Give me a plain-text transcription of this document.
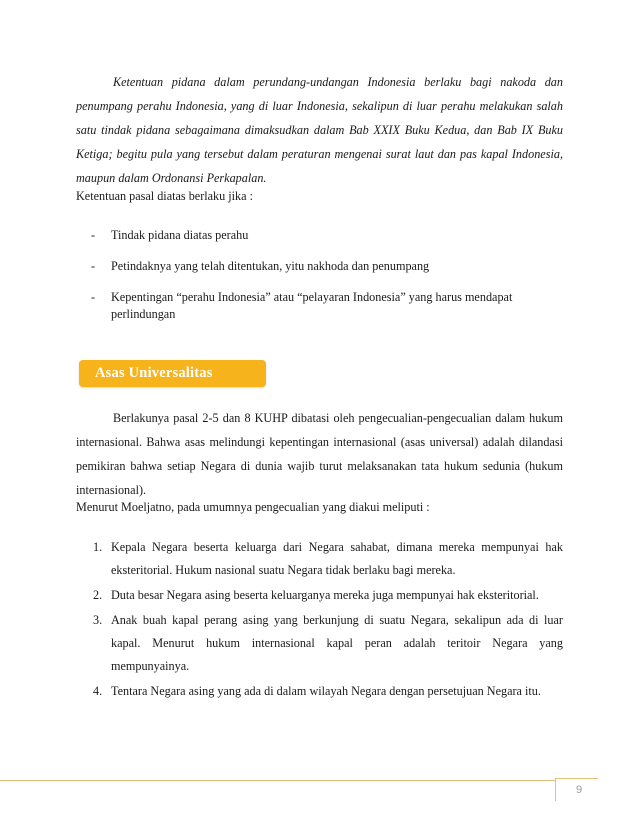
Ketentuan pidana dalam perundang-undangan Indonesia berlaku bagi nakoda dan penumpang perahu Indonesia, yang di luar Indonesia, sekalipun di luar perahu melakukan salah satu tindak pidana sebagaimana dimaksudkan dalam Bab XXIX Buku Kedua, dan Bab IX Buku Ketiga; begitu pula yang tersebut dalam peraturan mengenai surat laut dan pas kapal Indonesia, maupun dalam Ordonansi Perkapalan.

Ketentuan pasal diatas berlaku jika :

- Tindak pidana diatas perahu
- Petindaknya yang telah ditentukan, yitu nakhoda dan penumpang
- Kepentingan “perahu Indonesia” atau “pelayaran Indonesia” yang harus mendapat perlindungan
Asas Universalitas

Berlakunya pasal 2-5 dan 8 KUHP dibatasi oleh pengecualian-pengecualian dalam hukum internasional. Bahwa asas melindungi kepentingan internasional (asas universal) adalah dilandasi pemikiran bahwa setiap Negara di dunia wajib turut melaksanakan tata hukum sedunia (hukum internasional).

Menurut Moeljatno, pada umumnya pengecualian yang diakui meliputi :

1. Kepala Negara beserta keluarga dari Negara sahabat, dimana mereka mempunyai hak eksteritorial. Hukum nasional suatu Negara tidak berlaku bagi mereka.
2. Duta besar Negara asing beserta keluarganya mereka juga mempunyai hak eksteritorial.
3. Anak buah kapal perang asing yang berkunjung di suatu Negara, sekalipun ada di luar kapal. Menurut hukum internasional kapal peran adalah teritoir Negara yang mempunyainya.
4. Tentara Negara asing yang ada di dalam wilayah Negara dengan persetujuan Negara itu.
9
